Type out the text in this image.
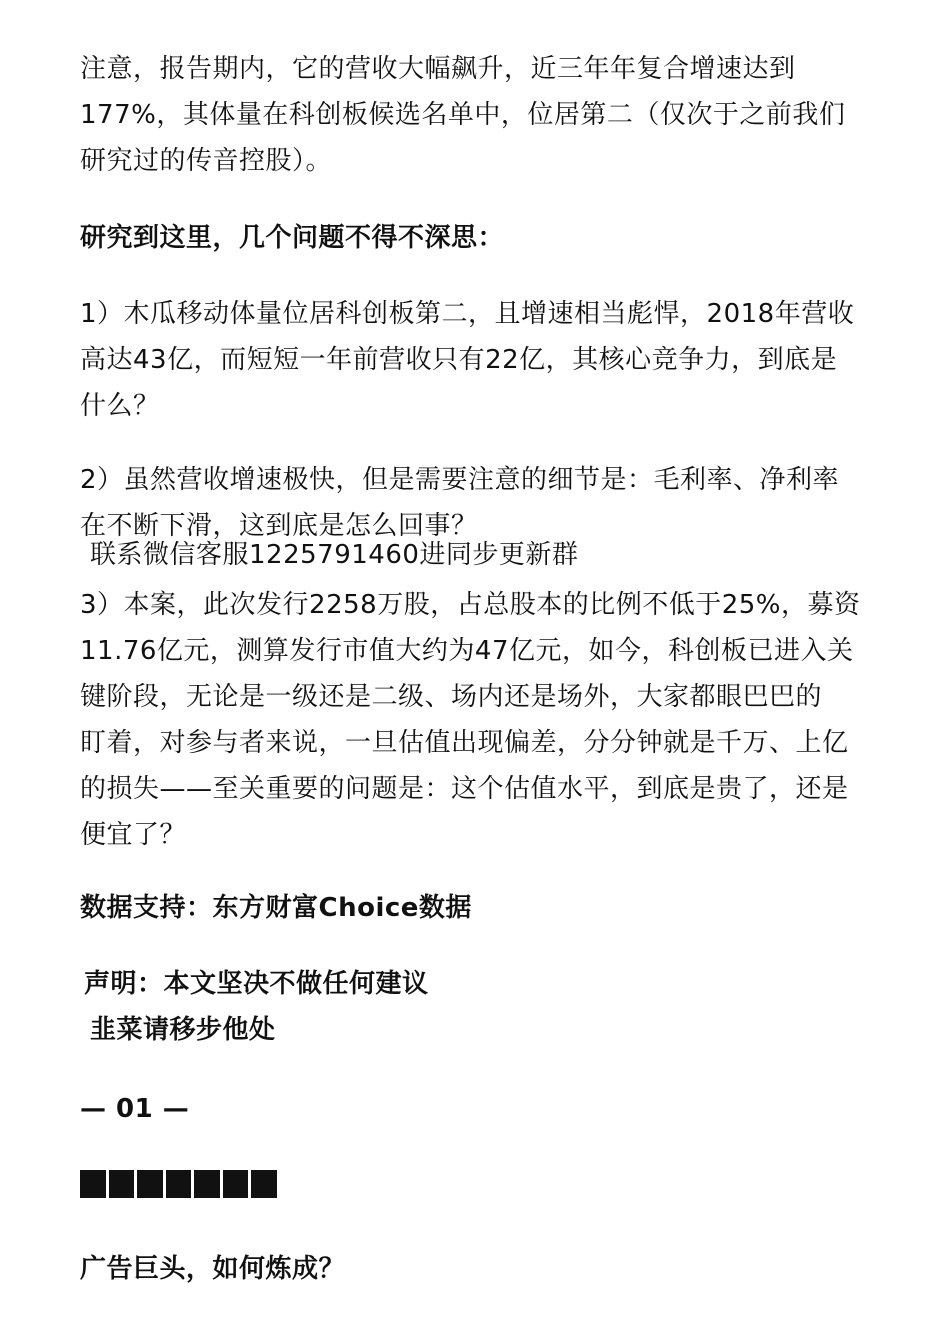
注意，报告期内，它的营收大幅飙升，近三年年复合增速达到
177%，其体量在科创板候选名单中，位居第二（仅次于之前我们
研究过的传音控股）。

研究到这里，几个问题不得不深思：

1）木瓜移动体量位居科创板第二，且增速相当彪悍，2018年营收
高达43亿，而短短一年前营收只有22亿，其核心竞争力，到底是
什么？

2）虽然营收增速极快，但是需要注意的细节是：毛利率、净利率
在不断下滑，这到底是怎么回事？

联系微信客服1225791460进同步更新群

3）本案，此次发行2258万股，占总股本的比例不低于25%，募资
11.76亿元，测算发行市值大约为47亿元，如今，科创板已进入关
键阶段，无论是一级还是二级、场内还是场外，大家都眼巴巴的
盯着，对参与者来说，一旦估值出现偏差，分分钟就是千万、上亿
的损失——至关重要的问题是：这个估值水平，到底是贵了，还是
便宜了？

数据支持：东方财富Choice数据

声明：本文坚决不做任何建议
韭菜请移步他处

— 01 —

广告巨头，如何炼成？
